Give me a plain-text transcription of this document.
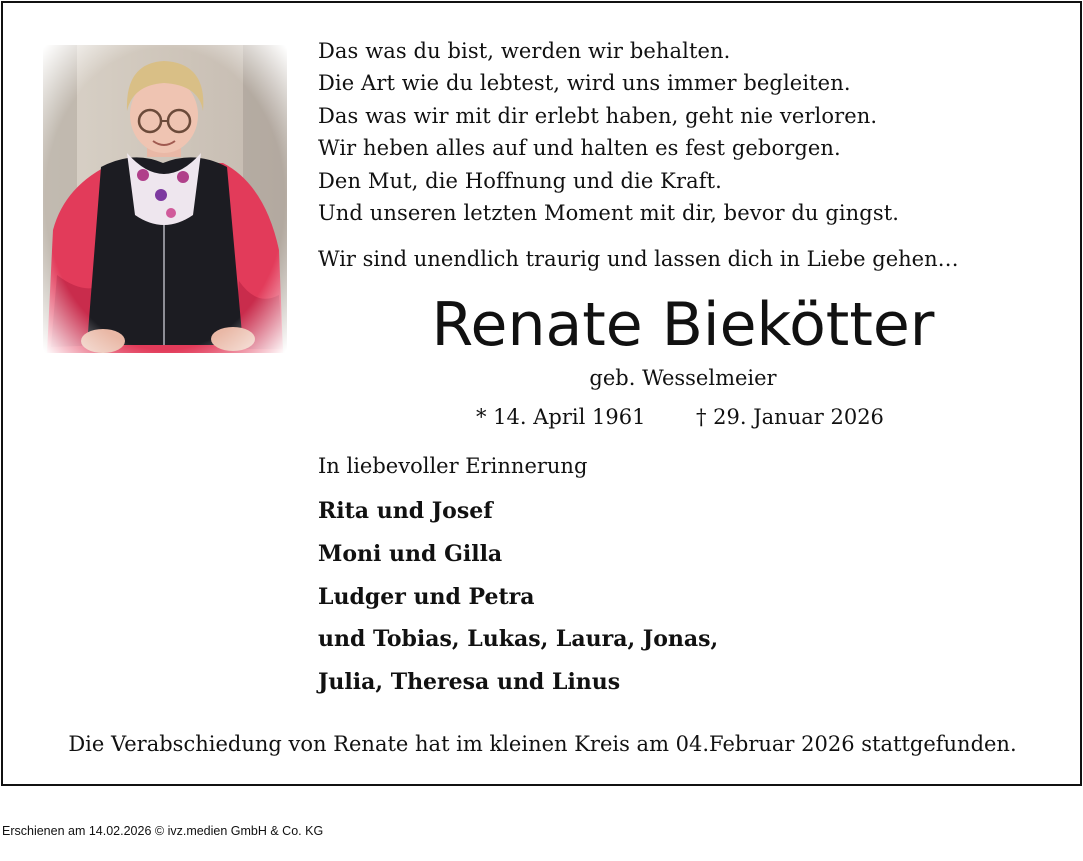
Das was du bist, werden wir behalten.
Die Art wie du lebtest, wird uns immer begleiten.
Das was wir mit dir erlebt haben, geht nie verloren.
Wir heben alles auf und halten es fest geborgen.
Den Mut, die Hoffnung und die Kraft.
Und unseren letzten Moment mit dir, bevor du gingst.
Wir sind unendlich traurig und lassen dich in Liebe gehen…
Renate Biekötter
geb. Wesselmeier
* 14. April 1961 † 29. Januar 2026
In liebevoller Erinnerung
Rita und Josef
Moni und Gilla
Ludger und Petra
und Tobias, Lukas, Laura, Jonas,
Julia, Theresa und Linus
Die Verabschiedung von Renate hat im kleinen Kreis am 04.Februar 2026 stattgefunden.
Erschienen am 14.02.2026 © ivz.medien GmbH & Co. KG
